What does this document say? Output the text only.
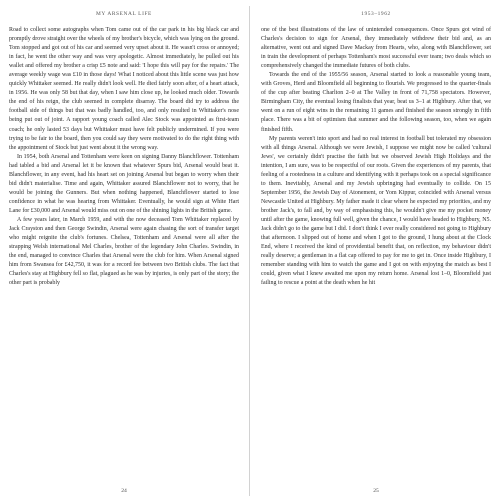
MY ARSENAL LIFE

Road to collect some autographs when Tom came out of the car park in his big black car and promptly drove straight over the wheels of my brother's bicycle, which was lying on the ground. Tom stopped and got out of his car and seemed very upset about it. He wasn't cross or annoyed; in fact, he went the other way and was very apologetic. Almost immediately, he pulled out his wallet and offered my brother a crisp £5 note and said: 'I hope this will pay for the repairs.' The average weekly wage was £10 in those days! What I noticed about this little scene was just how quickly Whittaker seemed. He really didn't look well. He died fairly soon after, of a heart attack, in 1956. He was only 58 but that day, when I saw him close up, he looked much older. Towards the end of his reign, the club seemed in complete disarray. The board did try to address the football side of things but that was badly handled, too, and only resulted in Whittaker's nose being put out of joint. A rapport young coach called Alec Stock was appointed as first-team coach; he only lasted 53 days but Whittaker must have felt publicly undermined. If you were trying to be fair to the board, then you could say they were motivated to do the right thing with the appointment of Stock but just went about it the wrong way.

In 1954, both Arsenal and Tottenham were keen on signing Danny Blanchflower. Tottenham had tabled a bid and Arsenal let it be known that whatever Spurs bid, Arsenal would beat it. Blanchflower, in any event, had his heart set on joining Arsenal but began to worry when their bid didn't materialise. Time and again, Whittaker assured Blanchflower not to worry, that he would be joining the Gunners. But when nothing happened, Blanchflower started to lose confidence in what he was hearing from Whittaker. Eventually, he would sign at White Hart Lane for £30,000 and Arsenal would miss out on one of the shining lights in the British game.

A few years later, in March 1959, and with the now deceased Tom Whittaker replaced by Jack Crayston and then George Swindin, Arsenal were again chasing the sort of transfer target who might reignite the club's fortunes. Chelsea, Tottenham and Arsenal were all after the strapping Welsh international Mel Charles, brother of the legendary John Charles. Swindin, in the end, managed to convince Charles that Arsenal were the club for him. When Arsenal signed him from Swansea for £42,750, it was for a record fee between two British clubs. The fact that Charles's stay at Highbury fell so flat, plagued as he was by injuries, is only part of the story; the other part is probably

24
1953–1962

one of the best illustrations of the law of unintended consequences. Once Spurs got wind of Charles's decision to sign for Arsenal, they immediately withdrew their bid and, as an alternative, went out and signed Dave Mackay from Hearts, who, along with Blanchflower, set in train the development of perhaps Tottenham's most successful ever team; two deals which so comprehensively changed the immediate futures of both clubs.

Towards the end of the 1955/56 season, Arsenal started to look a reasonable young team, with Groves, Herd and Bloomfield all beginning to flourish. We progressed to the quarter-finals of the cup after beating Charlton 2–0 at The Valley in front of 71,758 spectators. However, Birmingham City, the eventual losing finalists that year, beat us 3–1 at Highbury. After that, we went on a run of eight wins in the remaining 11 games and finished the season strongly in fifth place. There was a bit of optimism that summer and the following season, too, when we again finished fifth.

My parents weren't into sport and had no real interest in football but tolerated my obsession with all things Arsenal. Although we were Jewish, I suppose we might now be called 'cultural Jews', we certainly didn't practise the faith but we observed Jewish High Holidays and the intention, I am sure, was to be respectful of our roots. Given the experiences of my parents, that feeling of a rootedness in a culture and identifying with it perhaps took on a special significance to them. Inevitably, Arsenal and my Jewish upbringing had eventually to collide. On 15 September 1956, the Jewish Day of Atonement, or Yom Kippur, coincided with Arsenal versus Newcastle United at Highbury. My father made it clear where he expected my priorities, and my brother Jack's, to fall and, by way of emphasising this, he wouldn't give me my pocket money until after the game, knowing full well, given the chance, I would have headed to Highbury, N5. Jack didn't go to the game but I did. I don't think I ever really considered not going to Highbury that afternoon. I slipped out of home and when I got to the ground, I hung about at the Clock End, where I received the kind of providential benefit that, on reflection, my behaviour didn't really deserve; a gentleman in a flat cap offered to pay for me to get in. Once inside Highbury, I remember standing with him to watch the game and I got on with enjoying the match as best I could, given what I knew awaited me upon my return home. Arsenal lost 1–0, Bloomfield just failing to rescue a point at the death when he hit

25
